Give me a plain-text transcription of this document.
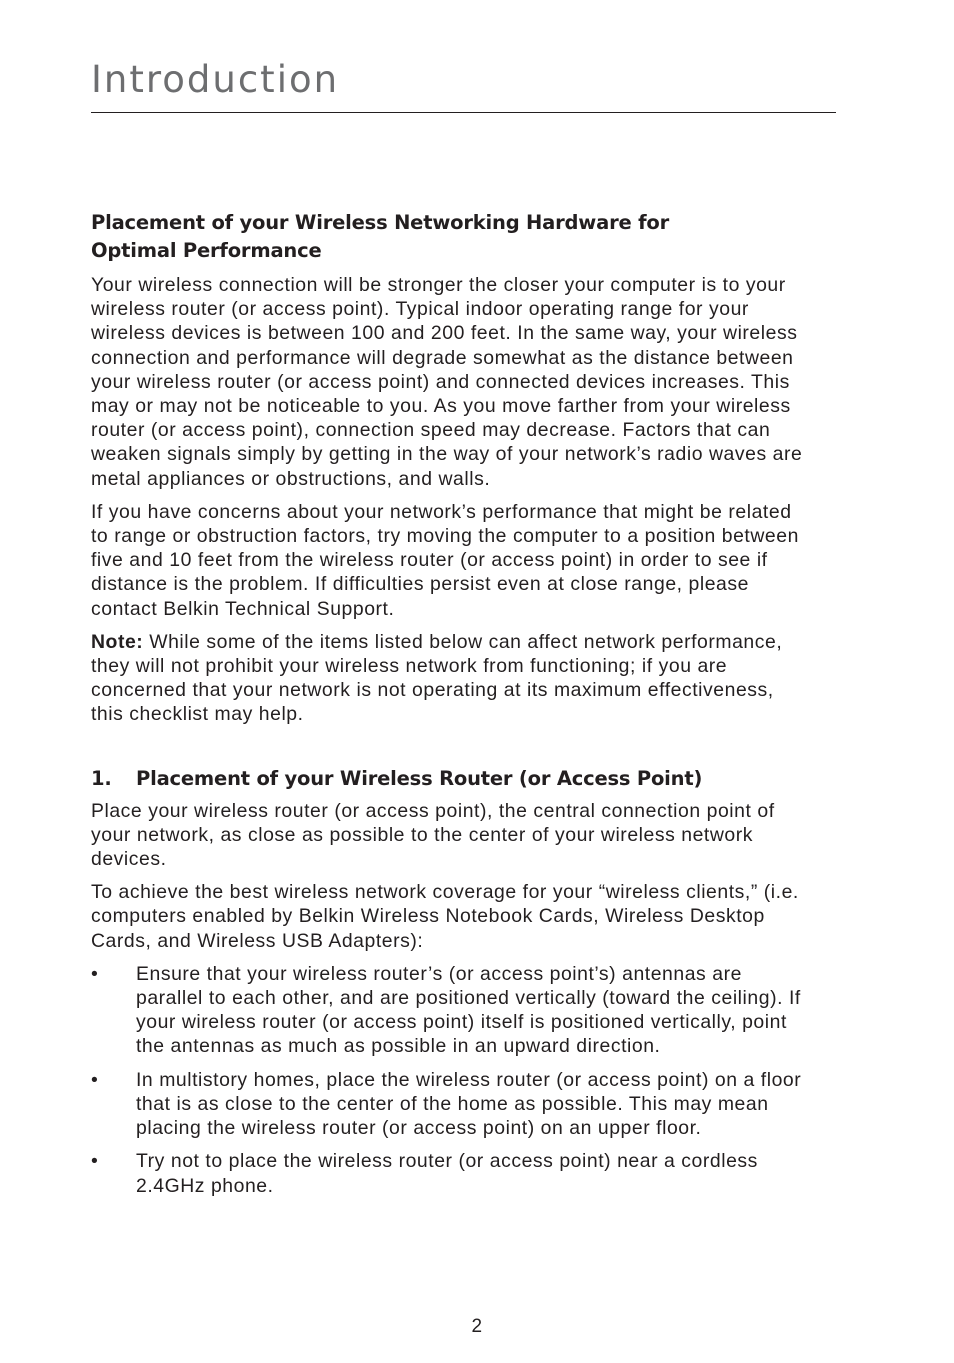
Introduction
Placement of your Wireless Networking Hardware for
Optimal Performance

Your wireless connection will be stronger the closer your computer is to your wireless router (or access point). Typical indoor operating range for your wireless devices is between 100 and 200 feet. In the same way, your wireless connection and performance will degrade somewhat as the distance between your wireless router (or access point) and connected devices increases. This may or may not be noticeable to you. As you move farther from your wireless router (or access point), connection speed may decrease. Factors that can weaken signals simply by getting in the way of your network’s radio waves are metal appliances or obstructions, and walls.

If you have concerns about your network’s performance that might be related to range or obstruction factors, try moving the computer to a position between five and 10 feet from the wireless router (or access point) in order to see if distance is the problem. If difficulties persist even at close range, please contact Belkin Technical Support.

Note: While some of the items listed below can affect network performance, they will not prohibit your wireless network from functioning; if you are concerned that your network is not operating at its maximum effectiveness, this checklist may help.

1.	Placement of your Wireless Router (or Access Point)

Place your wireless router (or access point), the central connection point of your network, as close as possible to the center of your wireless network devices.

To achieve the best wireless network coverage for your “wireless clients,” (i.e. computers enabled by Belkin Wireless Notebook Cards, Wireless Desktop Cards, and Wireless USB Adapters):

•	Ensure that your wireless router’s (or access point’s) antennas are parallel to each other, and are positioned vertically (toward the ceiling). If your wireless router (or access point) itself is positioned vertically, point the antennas as much as possible in an upward direction.
•	In multistory homes, place the wireless router (or access point) on a floor that is as close to the center of the home as possible. This may mean placing the wireless router (or access point) on an upper floor.
•	Try not to place the wireless router (or access point) near a cordless 2.4GHz phone.
2
